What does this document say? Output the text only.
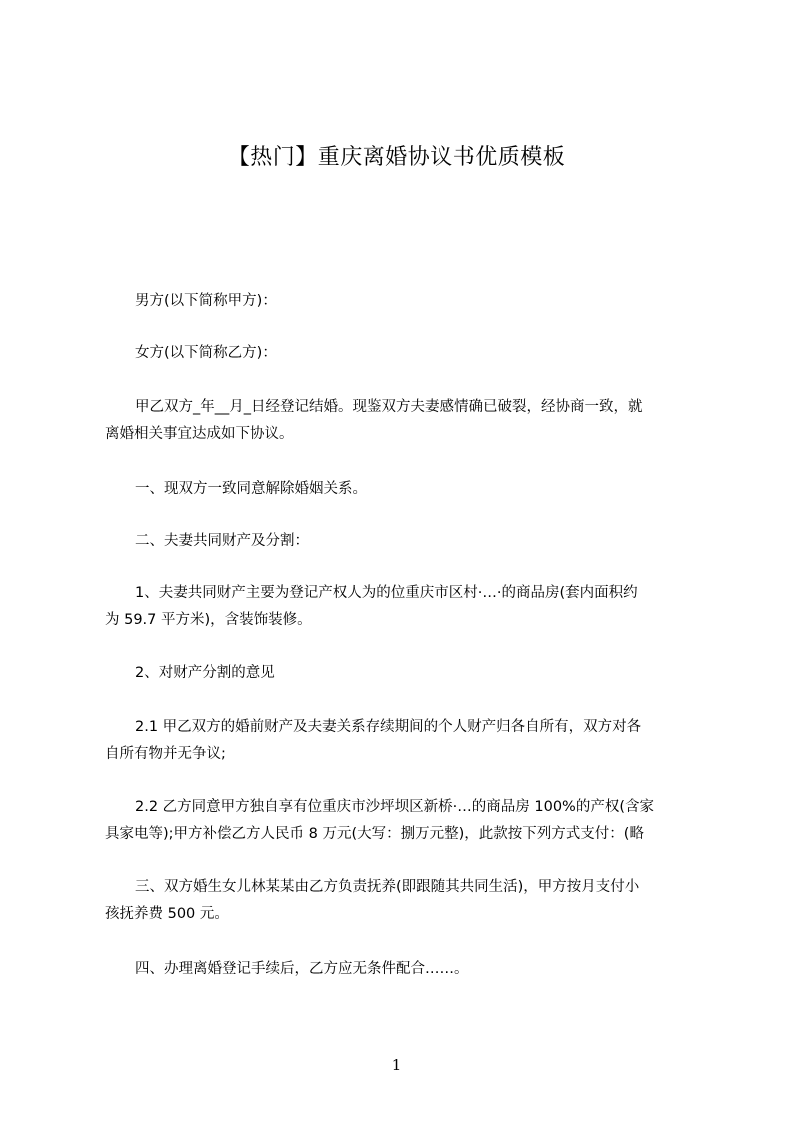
【热门】重庆离婚协议书优质模板

男方(以下简称甲方)：

女方(以下简称乙方)：

甲乙双方_年__月_日经登记结婚。现鉴双方夫妻感情确已破裂，经协商一致，就
离婚相关事宜达成如下协议。

一、现双方一致同意解除婚姻关系。

二、夫妻共同财产及分割：

1、夫妻共同财产主要为登记产权人为的位重庆市区村·…·的商品房(套内面积约
为 59.7 平方米)，含装饰装修。

2、对财产分割的意见

2.1 甲乙双方的婚前财产及夫妻关系存续期间的个人财产归各自所有，双方对各
自所有物并无争议;

2.2 乙方同意甲方独自享有位重庆市沙坪坝区新桥·…的商品房 100%的产权(含家
具家电等);甲方补偿乙方人民币 8 万元(大写：捌万元整)，此款按下列方式支付：(略

三、双方婚生女儿林某某由乙方负责抚养(即跟随其共同生活)，甲方按月支付小
孩抚养费 500 元。

四、办理离婚登记手续后，乙方应无条件配合……。

1
